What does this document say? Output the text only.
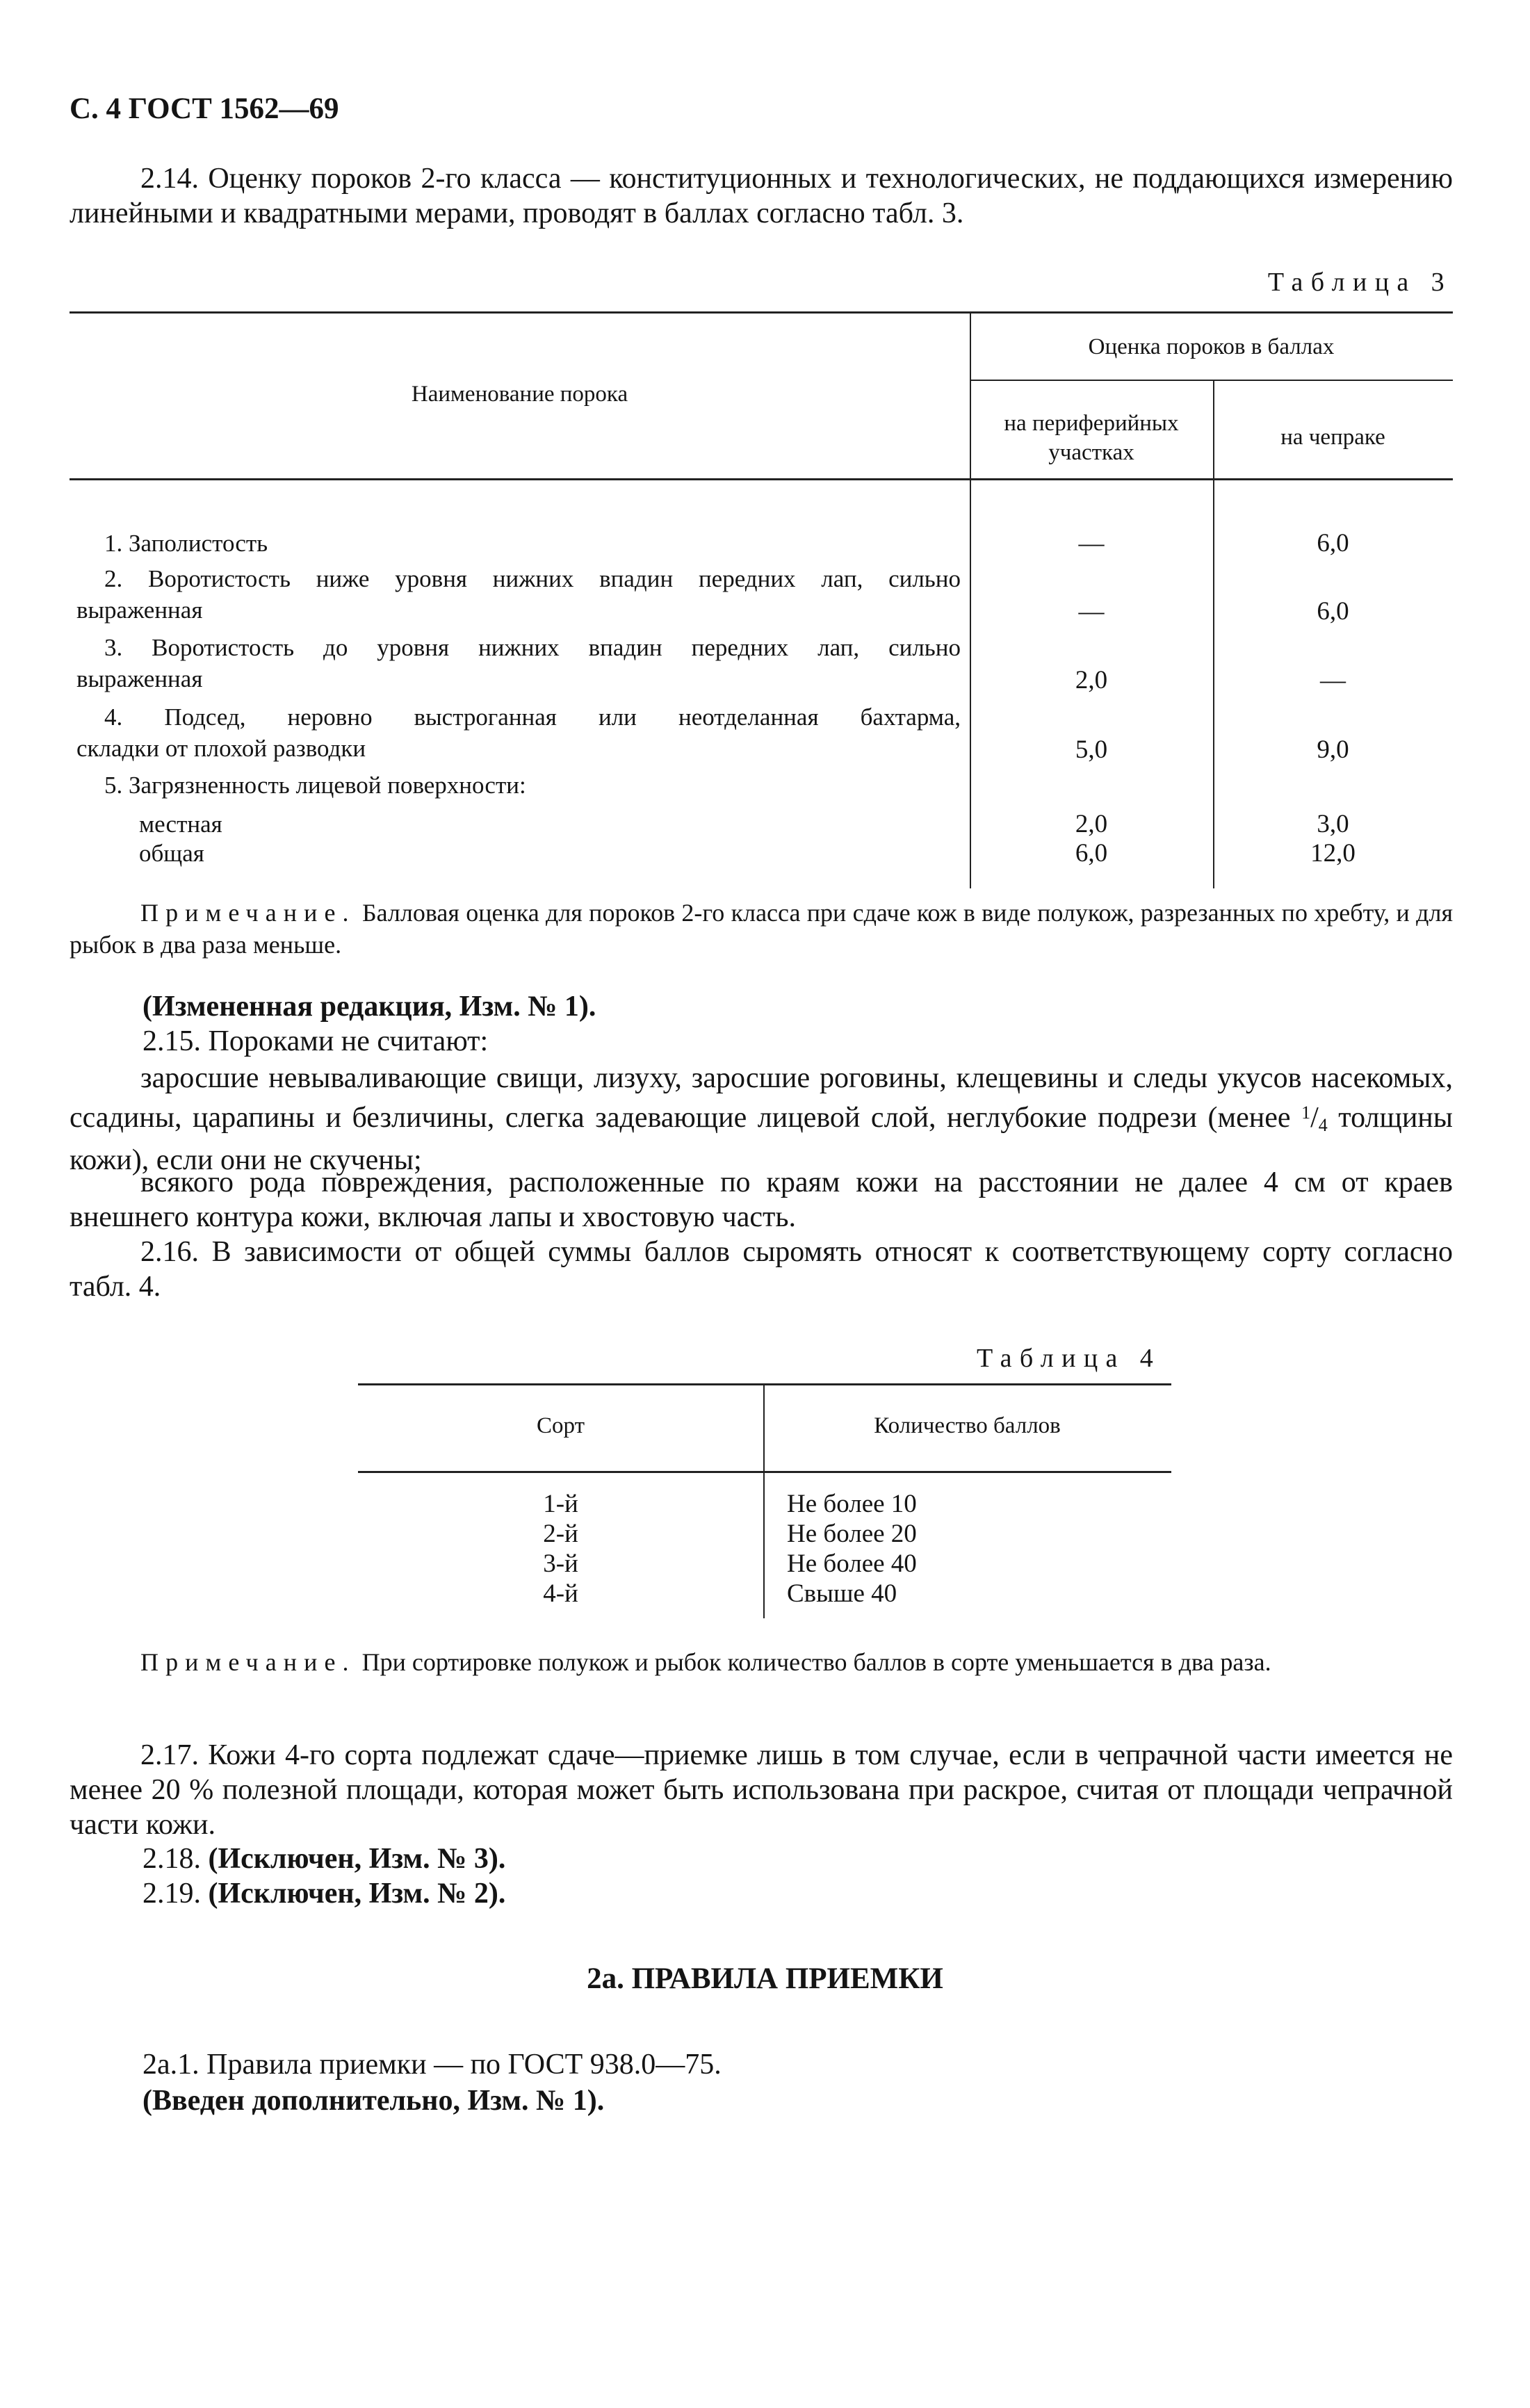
С. 4 ГОСТ 1562—69
2.14. Оценку пороков 2-го класса — конституционных и технологических, не поддающихся измерению линейными и квадратными мерами, проводят в баллах согласно табл. 3.
Таблица 3
Наименование порока
Оценка пороков в баллах
на периферийных участках
на чепраке
1. Заполистость	—	6,0
2. Воротистость ниже уровня нижних впадин передних лап, сильно
выраженная	—	6,0
3. Воротистость до уровня нижних впадин передних лап, сильно
выраженная	2,0	—
4. Подсед, неровно выстроганная или неотделанная бахтарма,
складки от плохой разводки	5,0	9,0
5. Загрязненность лицевой поверхности:
местная	2,0	3,0
общая	6,0	12,0
Примечание. Балловая оценка для пороков 2-го класса при сдаче кож в виде полукож, разрезанных по хребту, и для рыбок в два раза меньше.
(Измененная редакция, Изм. № 1).
2.15. Пороками не считают:
заросшие невываливающие свищи, лизуху, заросшие роговины, клещевины и следы укусов насекомых, ссадины, царапины и безличины, слегка задевающие лицевой слой, неглубокие подрези (менее $^1/_4$ толщины кожи), если они не скучены;
всякого рода повреждения, расположенные по краям кожи на расстоянии не далее 4 см от краев внешнего контура кожи, включая лапы и хвостовую часть.
2.16. В зависимости от общей суммы баллов сыромять относят к соответствующему сорту согласно табл. 4.
Таблица 4
Сорт	Количество баллов
1-й	Не более 10
2-й	Не более 20
3-й	Не более 40
4-й	Свыше 40
Примечание. При сортировке полукож и рыбок количество баллов в сорте уменьшается в два раза.
2.17. Кожи 4-го сорта подлежат сдаче—приемке лишь в том случае, если в чепрачной части имеется не менее 20 % полезной площади, которая может быть использована при раскрое, считая от площади чепрачной части кожи.
2.18. (Исключен, Изм. № 3).
2.19. (Исключен, Изм. № 2).
2а. ПРАВИЛА ПРИЕМКИ
2а.1. Правила приемки — по ГОСТ 938.0—75.
(Введен дополнительно, Изм. № 1).
